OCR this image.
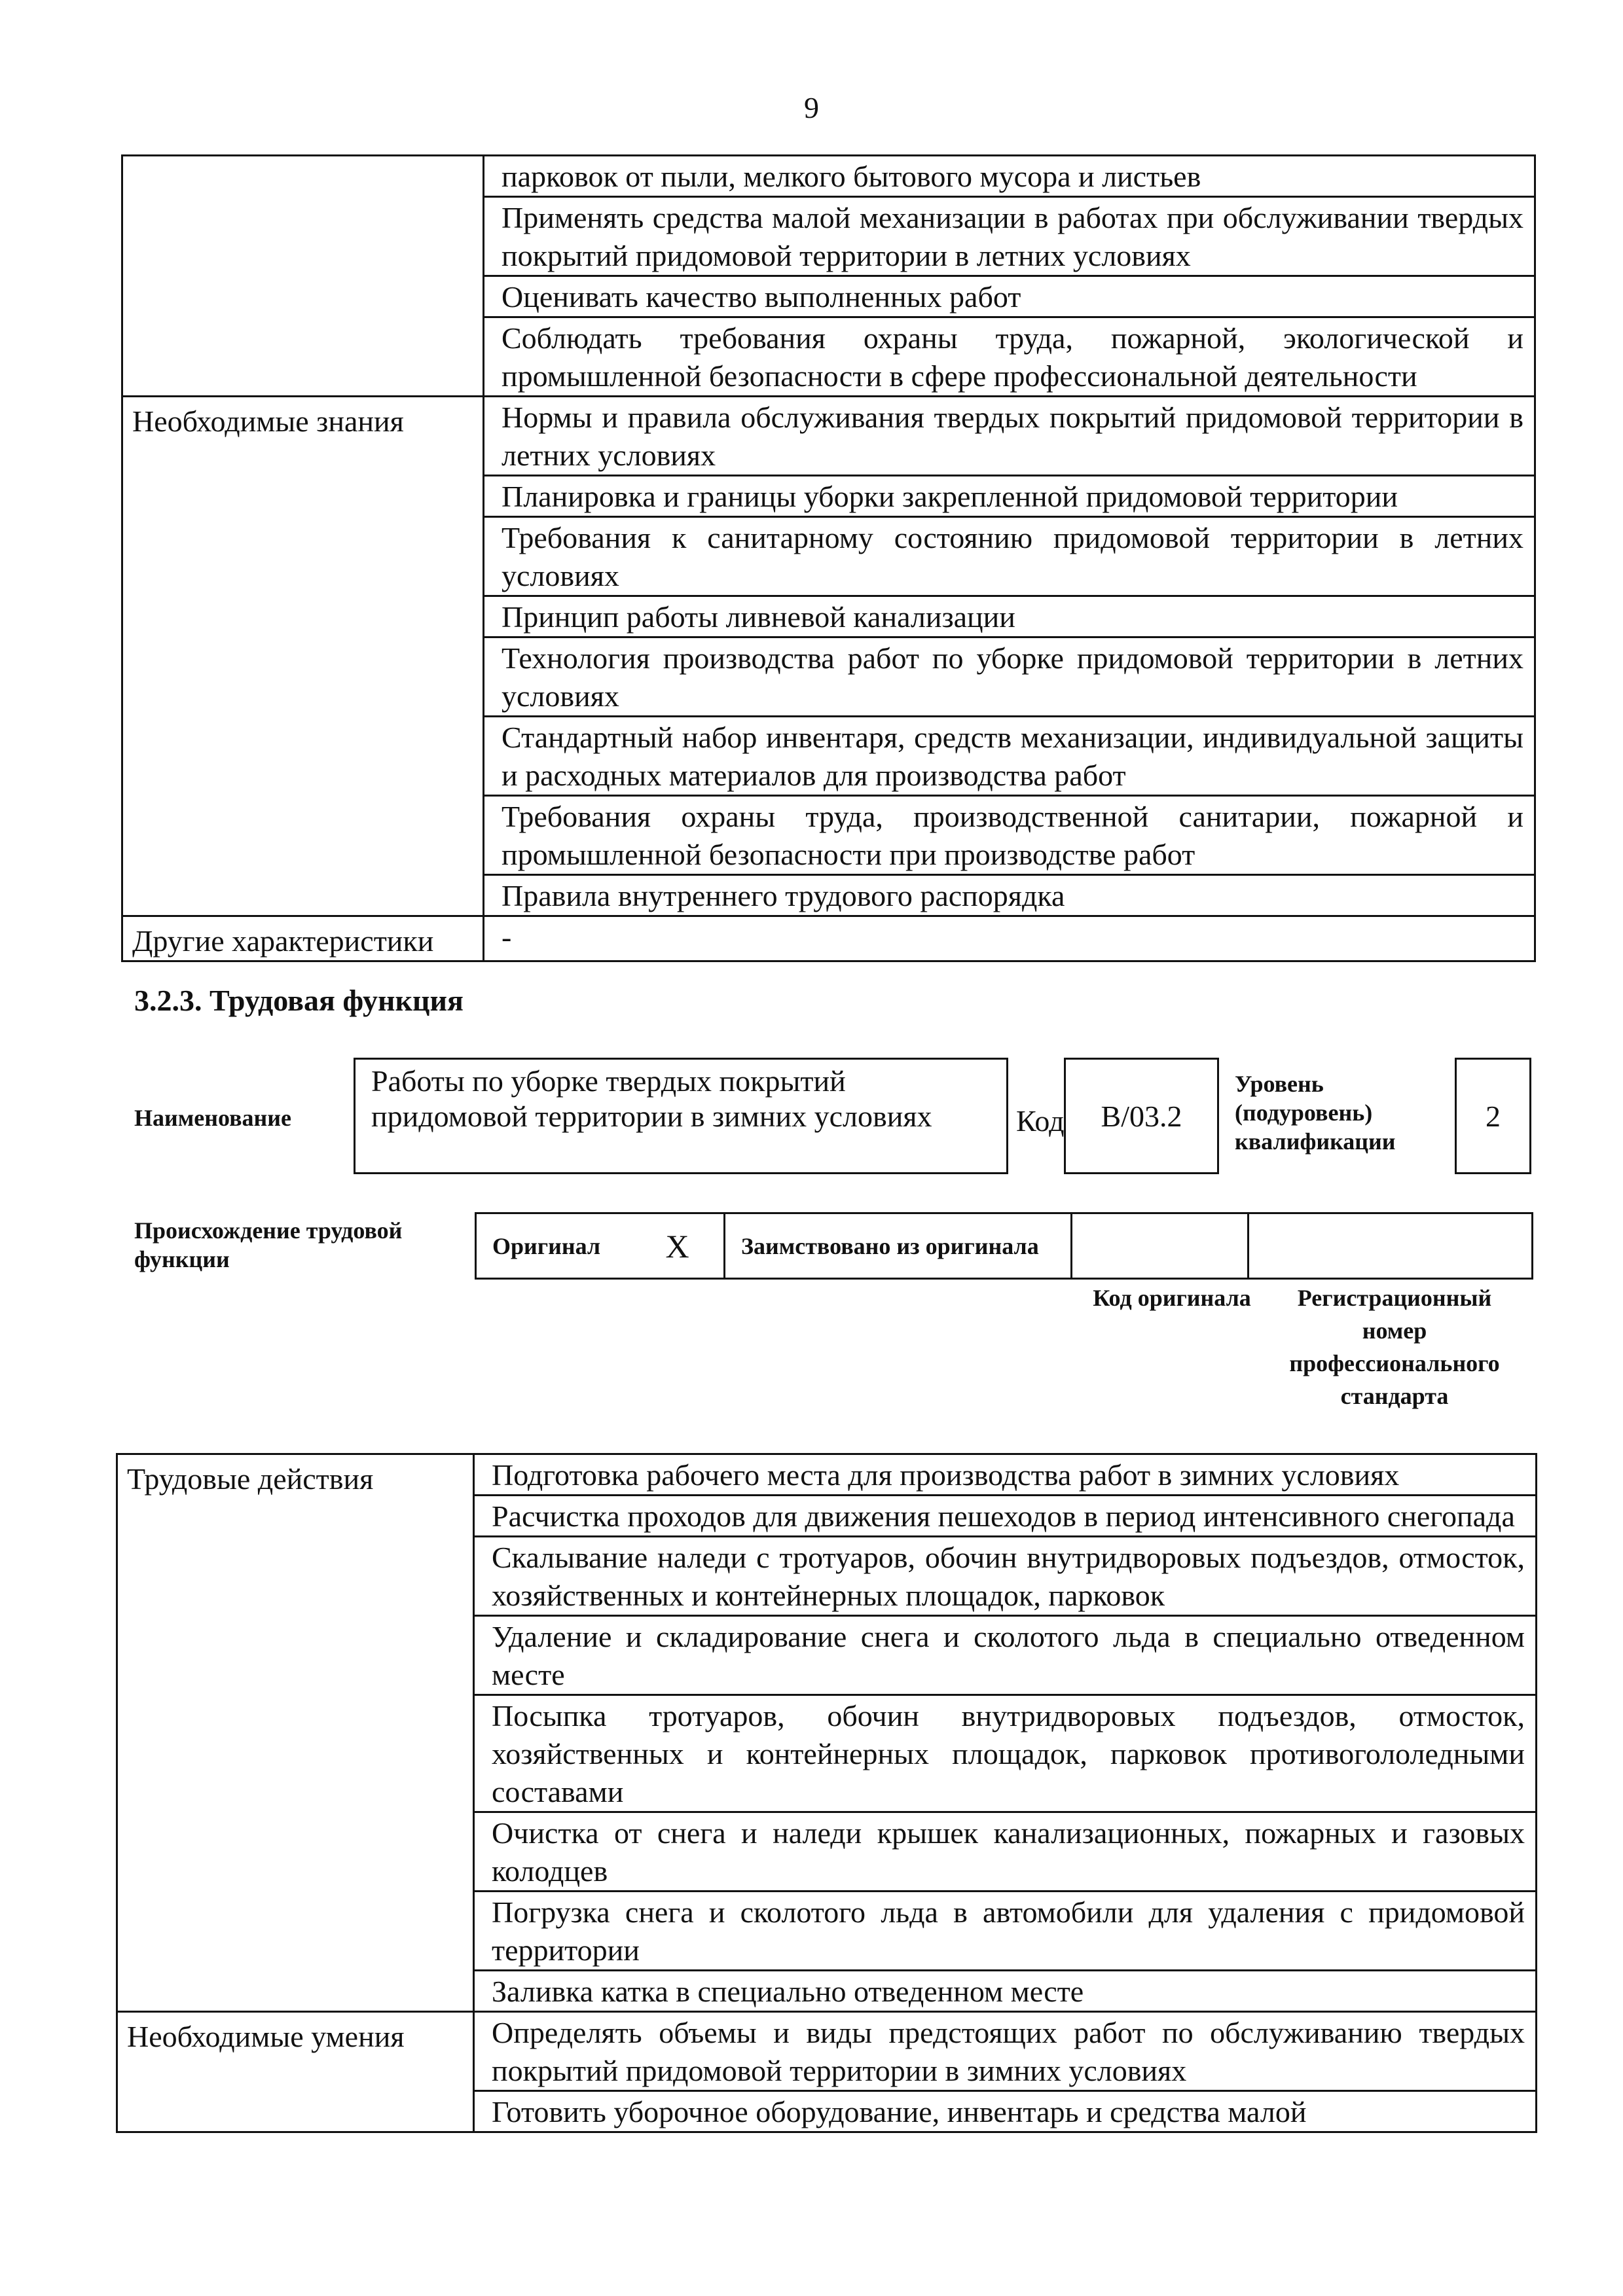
9
	парковок от пыли, мелкого бытового мусора и листьев
	Применять средства малой механизации в работах при обслуживании твердых покрытий придомовой территории в летних условиях
	Оценивать качество выполненных работ
	Соблюдать требования охраны труда, пожарной, экологической и промышленной безопасности в сфере профессиональной деятельности
Необходимые знания	Нормы и правила обслуживания твердых покрытий придомовой территории в летних условиях
	Планировка и границы уборки закрепленной придомовой территории
	Требования к санитарному состоянию придомовой территории в летних условиях
	Принцип работы ливневой канализации
	Технология производства работ по уборке придомовой территории в летних условиях
	Стандартный набор инвентаря, средств механизации, индивидуальной защиты и расходных материалов для производства работ
	Требования охраны труда, производственной санитарии, пожарной и промышленной безопасности при производстве работ
	Правила внутреннего трудового распорядка
Другие характеристики	-
3.2.3. Трудовая функция
Наименование
Работы по уборке твердых покрытий придомовой территории в зимних условиях	Код	B/03.2
Уровень (подуровень) квалификации
2
Происхождение трудовой функции
Оригинал	X	Заимствовано из оригинала

Код оригинала	Регистрационный номер профессионального стандарта
Трудовые действия	Подготовка рабочего места для производства работ в зимних условиях
	Расчистка проходов для движения пешеходов в период интенсивного снегопада
	Скалывание наледи с тротуаров, обочин внутридворовых подъездов, отмосток, хозяйственных и контейнерных площадок, парковок
	Удаление и складирование снега и сколотого льда в специально отведенном месте
	Посыпка тротуаров, обочин внутридворовых подъездов, отмосток, хозяйственных и контейнерных площадок, парковок противогололедными составами
	Очистка от снега и наледи крышек канализационных, пожарных и газовых колодцев
	Погрузка снега и сколотого льда в автомобили для удаления с придомовой территории
	Заливка катка в специально отведенном месте
Необходимые умения	Определять объемы и виды предстоящих работ по обслуживанию твердых покрытий придомовой территории в зимних условиях
	Готовить уборочное оборудование, инвентарь и средства малой
